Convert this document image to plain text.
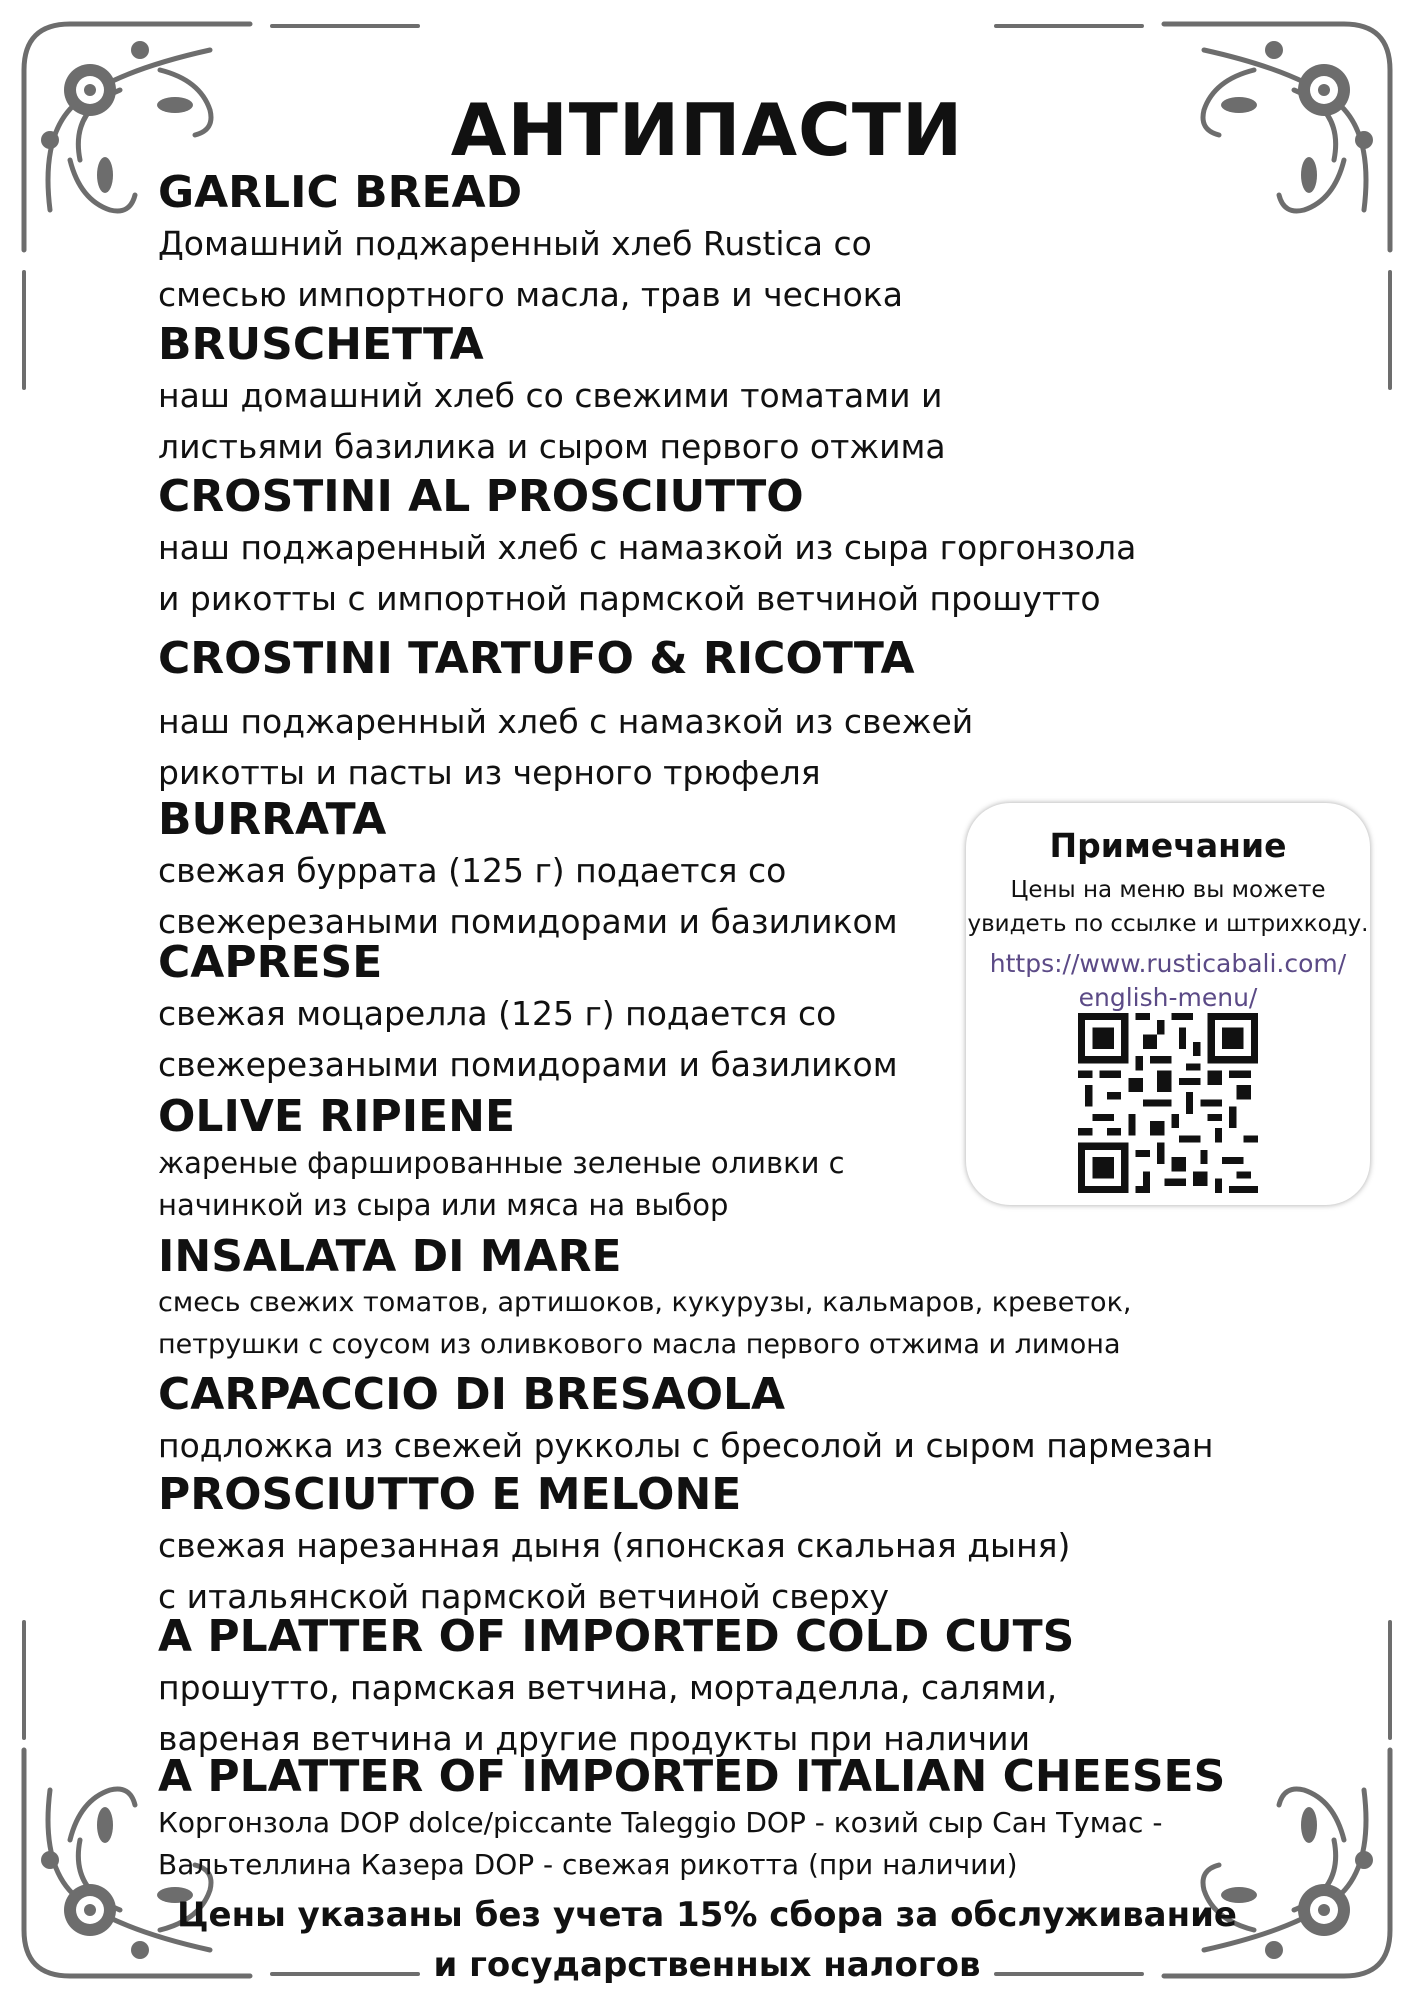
АНТИПАСТИ
GARLIC BREAD
Домашний поджаренный хлеб Rustica со
смесью импортного масла, трав и чеснока
BRUSCHETTA
наш домашний хлеб со свежими томатами и
листьями базилика и сыром первого отжима
CROSTINI AL PROSCIUTTO
наш поджаренный хлеб с намазкой из сыра горгонзола
и рикотты с импортной пармской ветчиной прошутто
CROSTINI TARTUFO & RICOTTA
наш поджаренный хлеб с намазкой из свежей
рикотты и пасты из черного трюфеля
BURRATA
свежая буррата (125 г) подается со
свежерезаными помидорами и базиликом
CAPRESE
свежая моцарелла (125 г) подается со
свежерезаными помидорами и базиликом
OLIVE RIPIENE
жареные фаршированные зеленые оливки с
начинкой из сыра или мяса на выбор
INSALATA DI MARE
смесь свежих томатов, артишоков, кукурузы, кальмаров, креветок,
петрушки с соусом из оливкового масла первого отжима и лимона
CARPACCIO DI BRESAOLA
подложка из свежей рукколы с бресолой и сыром пармезан
PROSCIUTTO E MELONE
свежая нарезанная дыня (японская скальная дыня)
с итальянской пармской ветчиной сверху
A PLATTER OF IMPORTED COLD CUTS
прошутто, пармская ветчина, мортаделла, салями,
вареная ветчина и другие продукты при наличии
A PLATTER OF IMPORTED ITALIAN CHEESES
Коргонзола DOP dolce/piccante Taleggio DOP - козий сыр Сан Тумас -
Вальтеллина Казера DOP - свежая рикотта (при наличии)
Примечание
Цены на меню вы можете
увидеть по ссылке и штрихкоду.
https://www.rusticabali.com/
english-menu/
Цены указаны без учета 15% сбора за обслуживание
и государственных налогов
